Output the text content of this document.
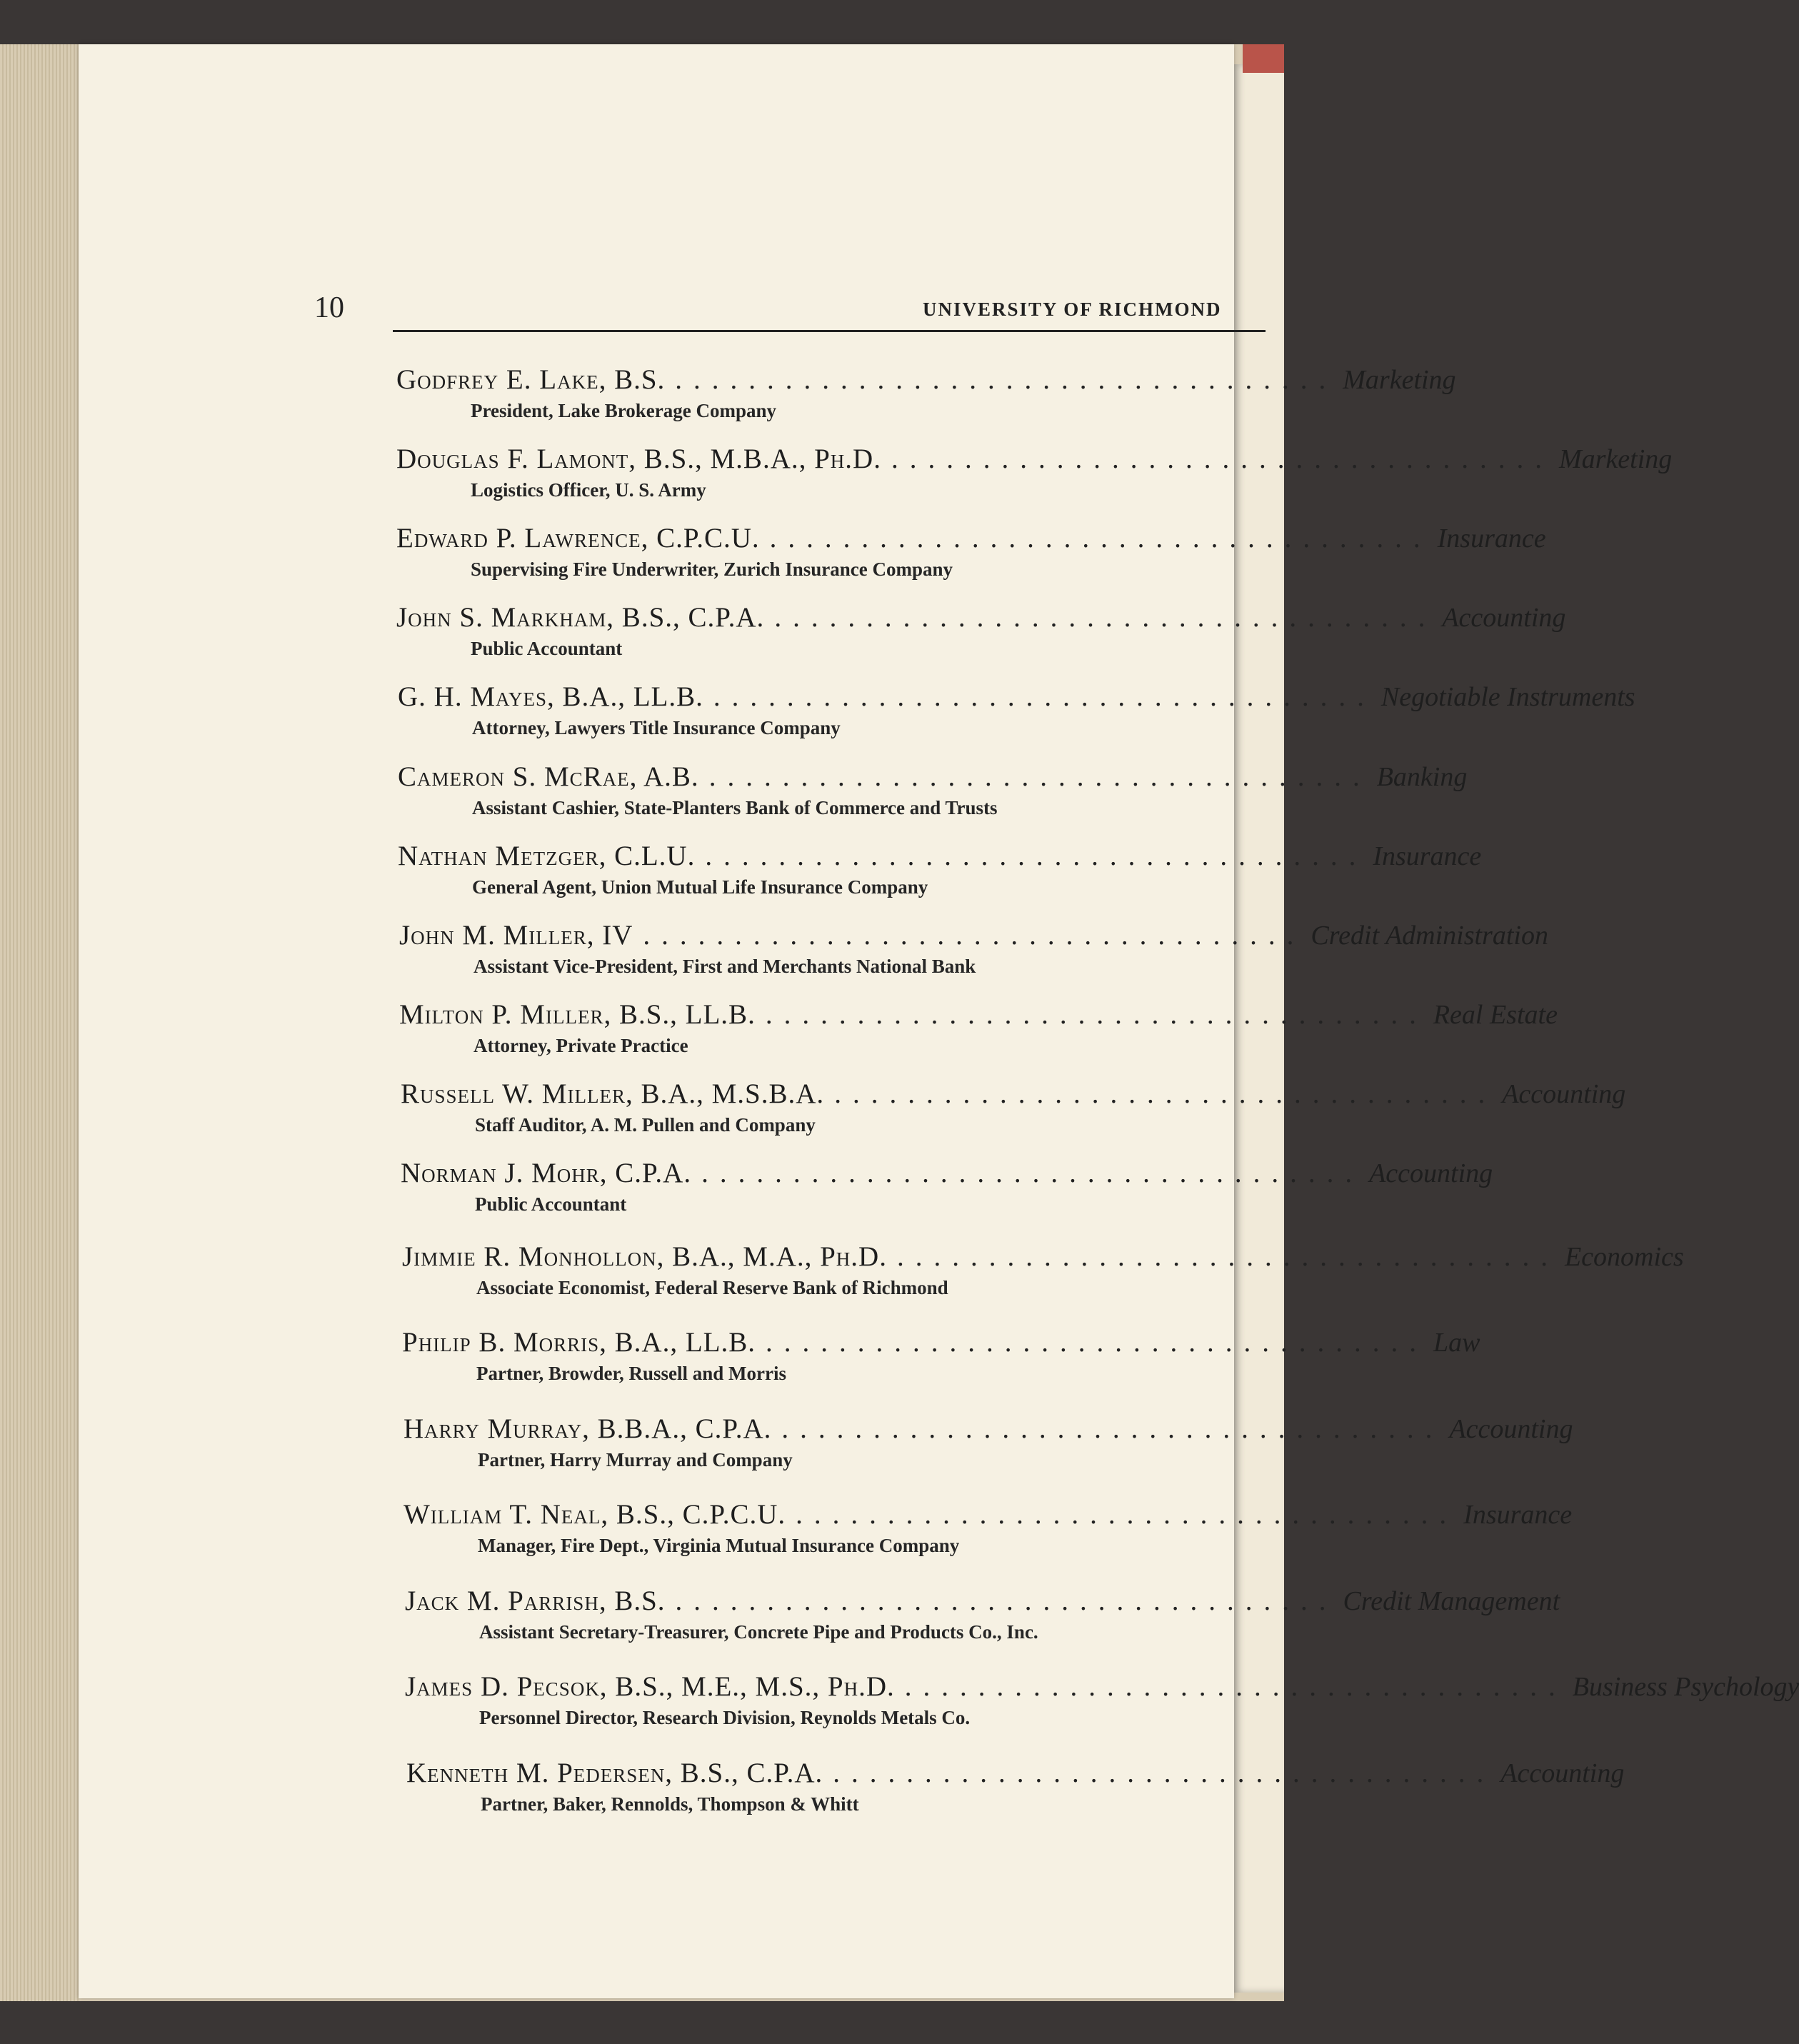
10	UNIVERSITY OF RICHMOND
Godfrey E. Lake, B.S. .................................... Marketing
President, Lake Brokerage Company
Douglas F. Lamont, B.S., M.B.A., Ph.D. .................................... Marketing
Logistics Officer, U. S. Army
Edward P. Lawrence, C.P.C.U. .................................... Insurance
Supervising Fire Underwriter, Zurich Insurance Company
John S. Markham, B.S., C.P.A. .................................... Accounting
Public Accountant
G. H. Mayes, B.A., LL.B. .................................... Negotiable Instruments
Attorney, Lawyers Title Insurance Company
Cameron S. McRae, A.B. .................................... Banking
Assistant Cashier, State-Planters Bank of Commerce and Trusts
Nathan Metzger, C.L.U. .................................... Insurance
General Agent, Union Mutual Life Insurance Company
John M. Miller, IV .................................... Credit Administration
Assistant Vice-President, First and Merchants National Bank
Milton P. Miller, B.S., LL.B. .................................... Real Estate
Attorney, Private Practice
Russell W. Miller, B.A., M.S.B.A. .................................... Accounting
Staff Auditor, A. M. Pullen and Company
Norman J. Mohr, C.P.A. .................................... Accounting
Public Accountant
Jimmie R. Monhollon, B.A., M.A., Ph.D. .................................... Economics
Associate Economist, Federal Reserve Bank of Richmond
Philip B. Morris, B.A., LL.B. .................................... Law
Partner, Browder, Russell and Morris
Harry Murray, B.B.A., C.P.A. .................................... Accounting
Partner, Harry Murray and Company
William T. Neal, B.S., C.P.C.U. .................................... Insurance
Manager, Fire Dept., Virginia Mutual Insurance Company
Jack M. Parrish, B.S. .................................... Credit Management
Assistant Secretary-Treasurer, Concrete Pipe and Products Co., Inc.
James D. Pecsok, B.S., M.E., M.S., Ph.D. .................................... Business Psychology
Personnel Director, Research Division, Reynolds Metals Co.
Kenneth M. Pedersen, B.S., C.P.A. .................................... Accounting
Partner, Baker, Rennolds, Thompson & Whitt
